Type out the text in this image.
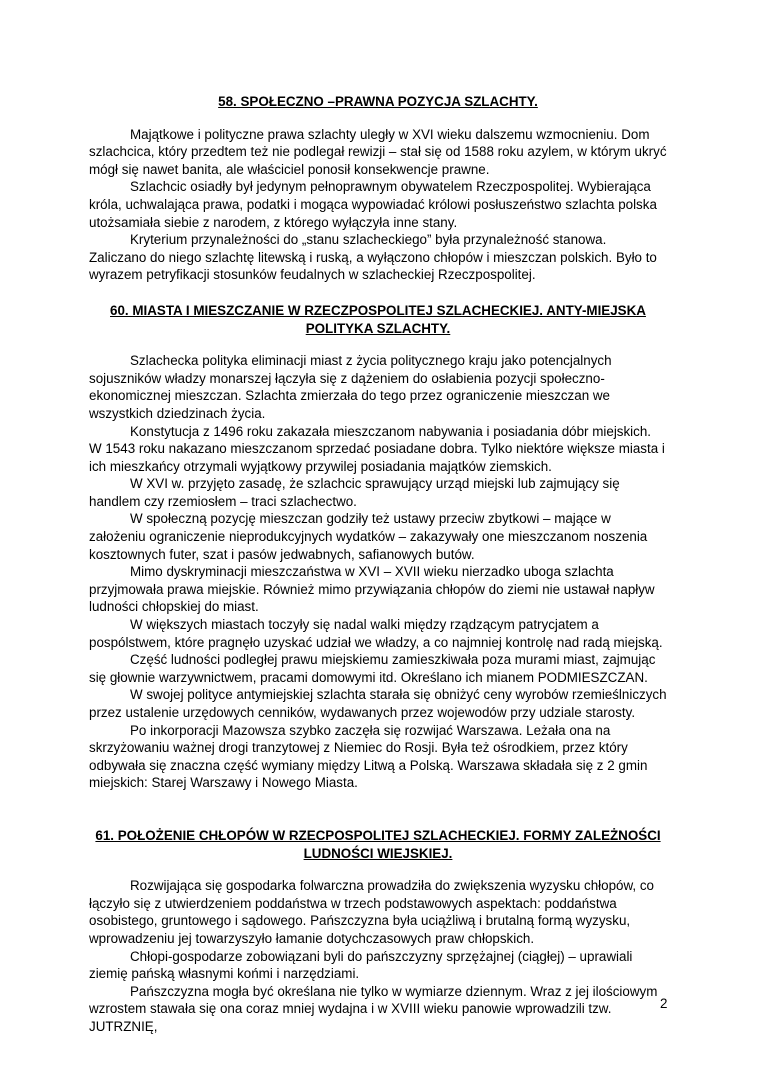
58. SPOŁECZNO –PRAWNA POZYCJA SZLACHTY.

Majątkowe i polityczne prawa szlachty uległy w XVI wieku dalszemu wzmocnieniu. Dom szlachcica, który przedtem też nie podlegał rewizji – stał się od 1588 roku azylem, w którym ukryć mógł się nawet banita, ale właściciel ponosił konsekwencje prawne.

Szlachcic osiadły był jedynym pełnoprawnym obywatelem Rzeczpospolitej. Wybierająca króla, uchwalająca prawa, podatki i mogąca wypowiadać królowi posłuszeństwo szlachta polska utożsamiała siebie z narodem, z którego wyłączyła inne stany.

Kryterium przynależności do „stanu szlacheckiego” była przynależność stanowa. Zaliczano do niego szlachtę litewską i ruską, a wyłączono chłopów i mieszczan polskich. Było to wyrazem petryfikacji stosunków feudalnych w szlacheckiej Rzeczpospolitej.

60. MIASTA I MIESZCZANIE W RZECZPOSPOLITEJ SZLACHECKIEJ. ANTY-MIEJSKA POLITYKA SZLACHTY.

Szlachecka polityka eliminacji miast z życia politycznego kraju jako potencjalnych sojuszników władzy monarszej łączyła się z dążeniem do osłabienia pozycji społeczno-ekonomicznej mieszczan. Szlachta zmierzała do tego przez ograniczenie mieszczan we wszystkich dziedzinach życia.

Konstytucja z 1496 roku zakazała mieszczanom nabywania i posiadania dóbr miejskich. W 1543 roku nakazano mieszczanom sprzedać posiadane dobra. Tylko niektóre większe miasta i ich mieszkańcy otrzymali wyjątkowy przywilej posiadania majątków ziemskich.

W XVI w. przyjęto zasadę, że szlachcic sprawujący urząd miejski lub zajmujący się handlem czy rzemiosłem – traci szlachectwo.

W społeczną pozycję mieszczan godziły też ustawy przeciw zbytkowi – mające w założeniu ograniczenie nieprodukcyjnych wydatków – zakazywały one mieszczanom noszenia kosztownych futer, szat i pasów jedwabnych, safianowych butów.

Mimo dyskryminacji mieszczaństwa w XVI – XVII wieku nierzadko uboga szlachta przyjmowała prawa miejskie. Również mimo przywiązania chłopów do ziemi nie ustawał napływ ludności chłopskiej do miast.

W większych miastach toczyły się nadal walki między rządzącym patrycjatem a pospólstwem, które pragnęło uzyskać udział we władzy, a co najmniej kontrolę nad radą miejską.

Część ludności podległej prawu miejskiemu zamieszkiwała poza murami miast, zajmując się głownie warzywnictwem, pracami domowymi itd. Określano ich mianem PODMIESZCZAN.

W swojej polityce antymiejskiej szlachta starała się obniżyć ceny wyrobów rzemieślniczych przez ustalenie urzędowych cenników, wydawanych przez wojewodów przy udziale starosty.

Po inkorporacji Mazowsza szybko zaczęła się rozwijać Warszawa. Leżała ona na skrzyżowaniu ważnej drogi tranzytowej z Niemiec do Rosji. Była też ośrodkiem, przez który odbywała się znaczna część wymiany między Litwą a Polską. Warszawa składała się z 2 gmin miejskich: Starej Warszawy i Nowego Miasta.

61. POŁOŻENIE CHŁOPÓW W RZECPOSPOLITEJ SZLACHECKIEJ. FORMY ZALEŻNOŚCI LUDNOŚCI WIEJSKIEJ.

Rozwijająca się gospodarka folwarczna prowadziła do zwiększenia wyzysku chłopów, co łączyło się z utwierdzeniem poddaństwa w trzech podstawowych aspektach: poddaństwa osobistego, gruntowego i sądowego. Pańszczyzna była uciążliwą i brutalną formą wyzysku, wprowadzeniu jej towarzyszyło łamanie dotychczasowych praw chłopskich.

Chłopi-gospodarze zobowiązani byli do pańszczyzny sprzężajnej (ciągłej) – uprawiali ziemię pańską własnymi końmi i narzędziami.

Pańszczyzna mogła być określana nie tylko w wymiarze dziennym. Wraz z jej ilościowym wzrostem stawała się ona coraz mniej wydajna i w XVIII wieku panowie wprowadzili tzw. JUTRZNIĘ,

2
